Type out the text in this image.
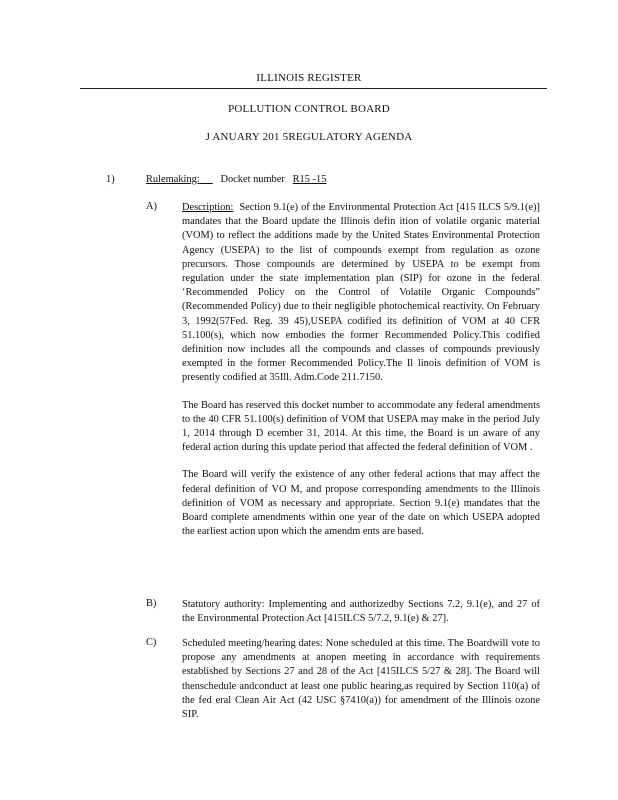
ILLINOIS REGISTER
POLLUTION CONTROL BOARD
J ANUARY 201 5REGULATORY AGENDA
1)	Rulemaking: Docket number R15 -15
A) Description: Section 9.1(e) of the Environmental Protection Act [415 ILCS 5/9.1(e)] mandates that the Board update the Illinois defin ition of volatile organic material (VOM) to reflect the additions made by the United States Environmental Protection Agency (USEPA) to the list of compounds exempt from regulation as ozone precursors. Those compounds are determined by USEPA to be exempt from regulation under the state implementation plan (SIP) for ozone in the federal ‘Recommended Policy on the Control of Volatile Organic Compounds” (Recommended Policy) due to their negligible photochemical reactivity. On February 3, 1992(57Fed. Reg. 39 45),USEPA codified its definition of VOM at 40 CFR 51.100(s), which now embodies the former Recommended Policy.This codified definition now includes all the compounds and classes of compounds previously exempted in the former Recommended Policy.The Il linois definition of VOM is presently codified at 35Ill. Adm.Code 211.7150.

The Board has reserved this docket number to accommodate any federal amendments to the 40 CFR 51.100(s) definition of VOM that USEPA may make in the period July 1, 2014 through D ecember 31, 2014. At this time, the Board is un aware of any federal action during this update period that affected the federal definition of VOM .

The Board will verify the existence of any other federal actions that may affect the federal definition of VO M, and propose corresponding amendments to the Illinois definition of VOM as necessary and appropriate. Section 9.1(e) mandates that the Board complete amendments within one year of the date on which USEPA adopted the earliest action upon which the amendm ents are based.

B) Statutory authority: Implementing and authorizedby Sections 7.2, 9.1(e), and 27 of the Environmental Protection Act [415ILCS 5/7.2, 9.1(e) & 27].
C) Scheduled meeting/hearing dates: None scheduled at this time. The Boardwill vote to propose any amendments at anopen meeting in accordance with requirements established by Sections 27 and 28 of the Act [415ILCS 5/27 & 28]. The Board will thenschedule andconduct at least one public hearing,as required by Section 110(a) of the fed eral Clean Air Act (42 USC §7410(a)) for amendment of the Illinois ozone SIP.
